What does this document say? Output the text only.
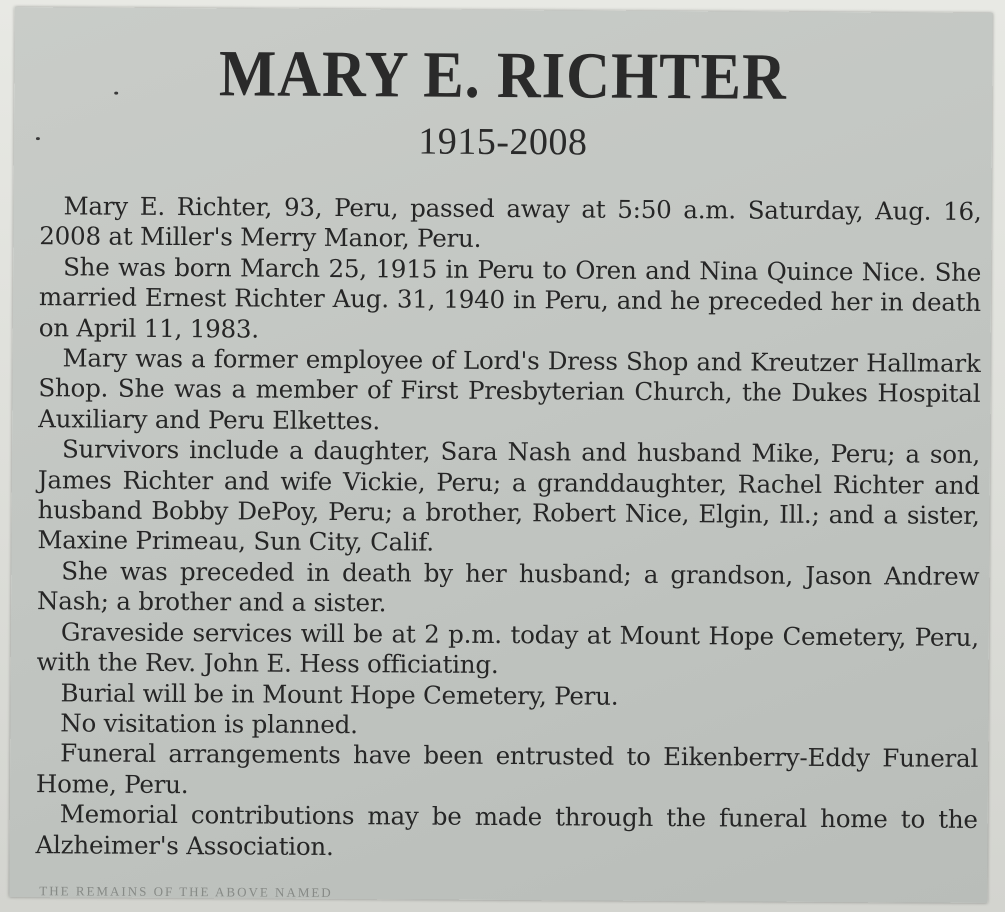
MARY E. RICHTER
1915-2008

Mary E. Richter, 93, Peru, passed away at 5:50 a.m. Saturday, Aug. 16, 2008 at Miller's Merry Manor, Peru.

She was born March 25, 1915 in Peru to Oren and Nina Quince Nice. She married Ernest Richter Aug. 31, 1940 in Peru, and he preceded her in death on April 11, 1983.

Mary was a former employee of Lord's Dress Shop and Kreutzer Hallmark Shop. She was a member of First Presbyterian Church, the Dukes Hospital Auxiliary and Peru Elkettes.

Survivors include a daughter, Sara Nash and husband Mike, Peru; a son, James Richter and wife Vickie, Peru; a granddaughter, Rachel Richter and husband Bobby DePoy, Peru; a brother, Robert Nice, Elgin, Ill.; and a sister, Maxine Primeau, Sun City, Calif.

She was preceded in death by her husband; a grandson, Jason Andrew Nash; a brother and a sister.

Graveside services will be at 2 p.m. today at Mount Hope Cemetery, Peru, with the Rev. John E. Hess officiating.

Burial will be in Mount Hope Cemetery, Peru.

No visitation is planned.

Funeral arrangements have been entrusted to Eikenberry-Eddy Funeral Home, Peru.

Memorial contributions may be made through the funeral home to the Alzheimer's Association.

THE REMAINS OF THE ABOVE NAMED
